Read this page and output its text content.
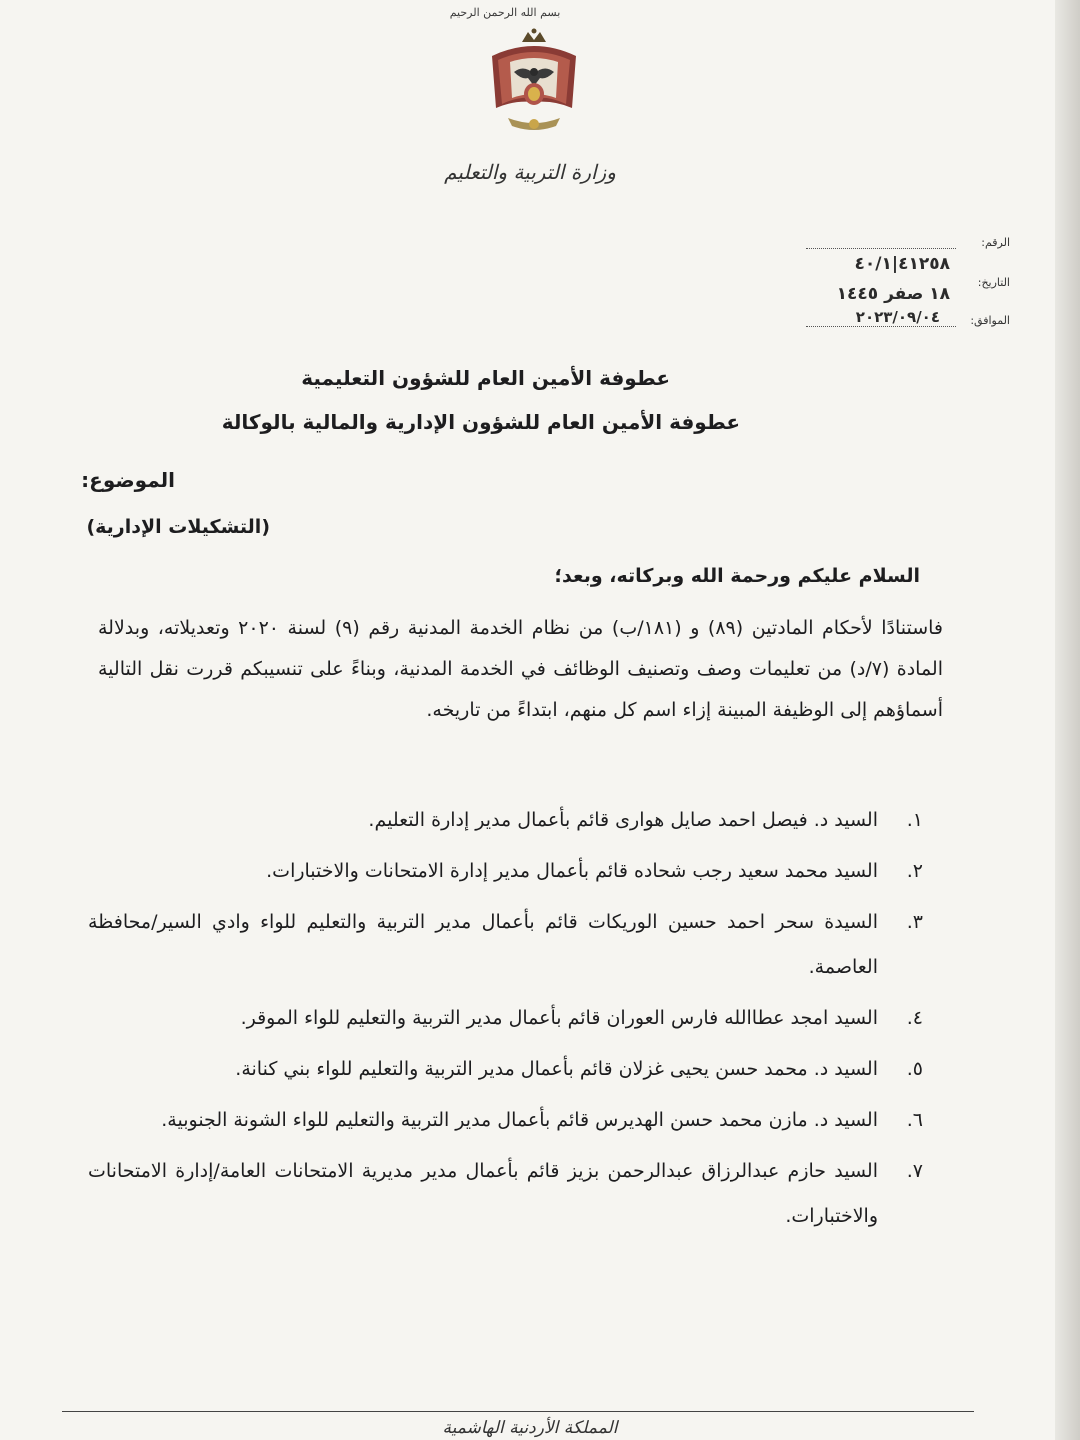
بسم الله الرحمن الرحيم
وزارة التربية والتعليم
الرقم:
التاريخ:
٤١٢٥٨|٤٠/١
١٨ صفر ١٤٤٥
الموافق:
٢٠٢٣/٠٩/٠٤
عطوفة الأمين العام للشؤون التعليمية
عطوفة الأمين العام للشؤون الإدارية والمالية بالوكالة
الموضوع:
(التشكيلات الإدارية)
السلام عليكم ورحمة الله وبركاته، وبعد؛
فاستنادًا لأحكام المادتين (٨٩) و (١٨١/ب) من نظام الخدمة المدنية رقم (٩) لسنة ٢٠٢٠ وتعديلاته، وبدلالة المادة (٧/د) من تعليمات وصف وتصنيف الوظائف في الخدمة المدنية، وبناءً على تنسيبكم قررت نقل التالية أسماؤهم إلى الوظيفة المبينة إزاء اسم كل منهم، ابتداءً من تاريخه.
١.
السيد د. فيصل احمد صايل هوارى قائم بأعمال مدير إدارة التعليم.
٢.
السيد محمد سعيد رجب شحاده قائم بأعمال مدير إدارة الامتحانات والاختبارات.
٣.
السيدة سحر احمد حسين الوريكات قائم بأعمال مدير التربية والتعليم للواء وادي السير/محافظة العاصمة.
٤.
السيد امجد عطاالله فارس العوران قائم بأعمال مدير التربية والتعليم للواء الموقر.
٥.
السيد د. محمد حسن يحيى غزلان قائم بأعمال مدير التربية والتعليم للواء بني كنانة.
٦.
السيد د. مازن محمد حسن الهديرس قائم بأعمال مدير التربية والتعليم للواء الشونة الجنوبية.
٧.
السيد حازم عبدالرزاق عبدالرحمن بزيز قائم بأعمال مدير مديرية الامتحانات العامة/إدارة الامتحانات والاختبارات.
المملكة الأردنية الهاشمية
